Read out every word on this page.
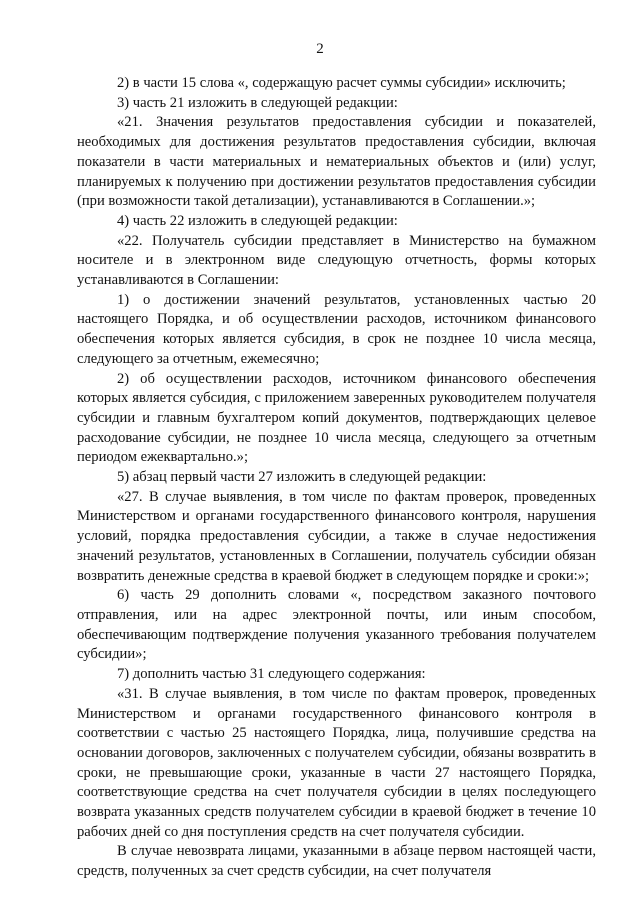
2

2) в части 15 слова «, содержащую расчет суммы субсидии» исключить;

3) часть 21 изложить в следующей редакции:

«21. Значения результатов предоставления субсидии и показателей, необходимых для достижения результатов предоставления субсидии, включая показатели в части материальных и нематериальных объектов и (или) услуг, планируемых к получению при достижении результатов предоставления субсидии (при возможности такой детализации), устанавливаются в Соглашении.»;

4) часть 22 изложить в следующей редакции:

«22. Получатель субсидии представляет в Министерство на бумажном носителе и в электронном виде следующую отчетность, формы которых устанавливаются в Соглашении:

1) о достижении значений результатов, установленных частью 20 настоящего Порядка, и об осуществлении расходов, источником финансового обеспечения которых является субсидия, в срок не позднее 10 числа месяца, следующего за отчетным, ежемесячно;

2) об осуществлении расходов, источником финансового обеспечения которых является субсидия, с приложением заверенных руководителем получателя субсидии и главным бухгалтером копий документов, подтверждающих целевое расходование субсидии, не позднее 10 числа месяца, следующего за отчетным периодом ежеквартально.»;

5) абзац первый части 27 изложить в следующей редакции:

«27. В случае выявления, в том числе по фактам проверок, проведенных Министерством и органами государственного финансового контроля, нарушения условий, порядка предоставления субсидии, а также в случае недостижения значений результатов, установленных в Соглашении, получатель субсидии обязан возвратить денежные средства в краевой бюджет в следующем порядке и сроки:»;

6) часть 29 дополнить словами «, посредством заказного почтового отправления, или на адрес электронной почты, или иным способом, обеспечивающим подтверждение получения указанного требования получателем субсидии»;

7) дополнить частью 31 следующего содержания:

«31. В случае выявления, в том числе по фактам проверок, проведенных Министерством и органами государственного финансового контроля в соответствии с частью 25 настоящего Порядка, лица, получившие средства на основании договоров, заключенных с получателем субсидии, обязаны возвратить в сроки, не превышающие сроки, указанные в части 27 настоящего Порядка, соответствующие средства на счет получателя субсидии в целях последующего возврата указанных средств получателем субсидии в краевой бюджет в течение 10 рабочих дней со дня поступления средств на счет получателя субсидии.

В случае невозврата лицами, указанными в абзаце первом настоящей части, средств, полученных за счет средств субсидии, на счет получателя
